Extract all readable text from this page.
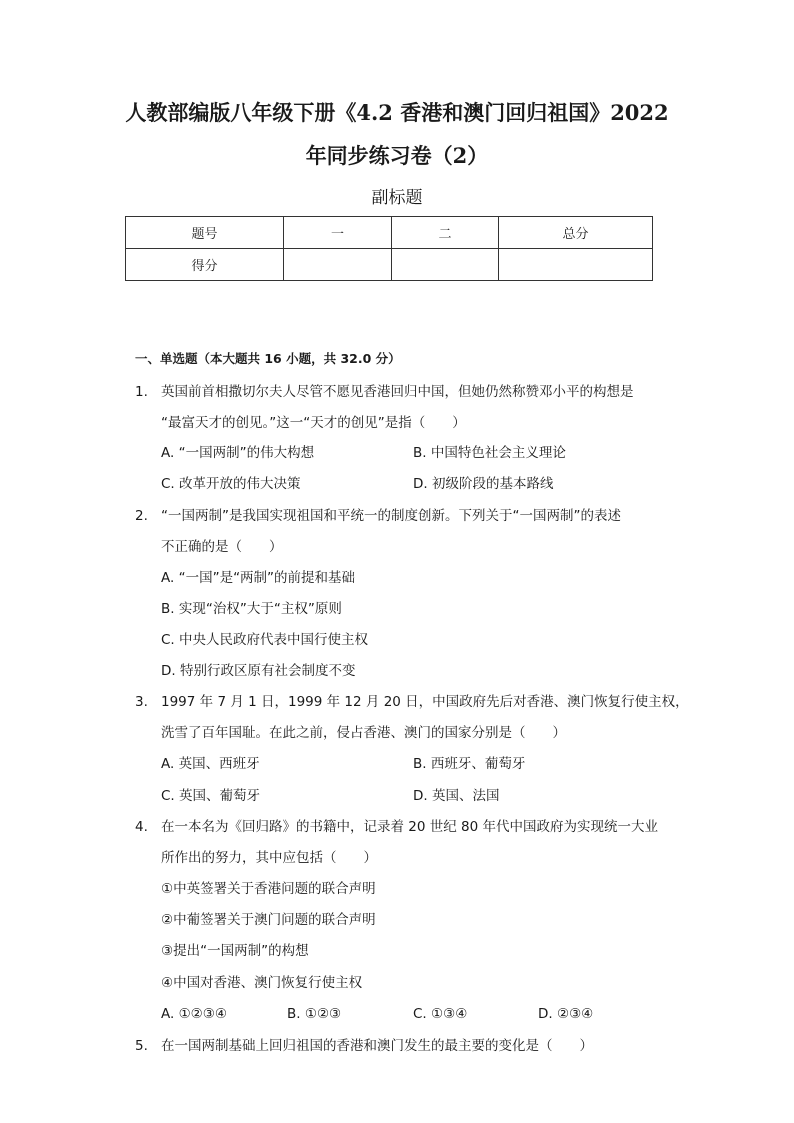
人教部编版八年级下册《4.2 香港和澳门回归祖国》2022
年同步练习卷（2）
副标题
题号	一	二	总分
得分			
一、单选题（本大题共 16 小题，共 32.0 分）
1. 英国前首相撒切尔夫人尽管不愿见香港回归中国，但她仍然称赞邓小平的构想是
“最富天才的创见。”这一“天才的创见”是指（　　）
A. “一国两制”的伟大构想	B. 中国特色社会主义理论
C. 改革开放的伟大决策	D. 初级阶段的基本路线
2. “一国两制”是我国实现祖国和平统一的制度创新。下列关于“一国两制”的表述
不正确的是（　　）
A. “一国”是“两制”的前提和基础
B. 实现“治权”大于“主权”原则
C. 中央人民政府代表中国行使主权
D. 特别行政区原有社会制度不变
3. 1997 年 7 月 1 日，1999 年 12 月 20 日，中国政府先后对香港、澳门恢复行使主权，
洗雪了百年国耻。在此之前，侵占香港、澳门的国家分别是（　　）
A. 英国、西班牙	B. 西班牙、葡萄牙
C. 英国、葡萄牙	D. 英国、法国
4. 在一本名为《回归路》的书籍中，记录着 20 世纪 80 年代中国政府为实现统一大业
所作出的努力，其中应包括（　　）
①中英签署关于香港问题的联合声明
②中葡签署关于澳门问题的联合声明
③提出“一国两制”的构想
④中国对香港、澳门恢复行使主权
A. ①②③④	B. ①②③	C. ①③④	D. ②③④
5. 在一国两制基础上回归祖国的香港和澳门发生的最主要的变化是（　　）
